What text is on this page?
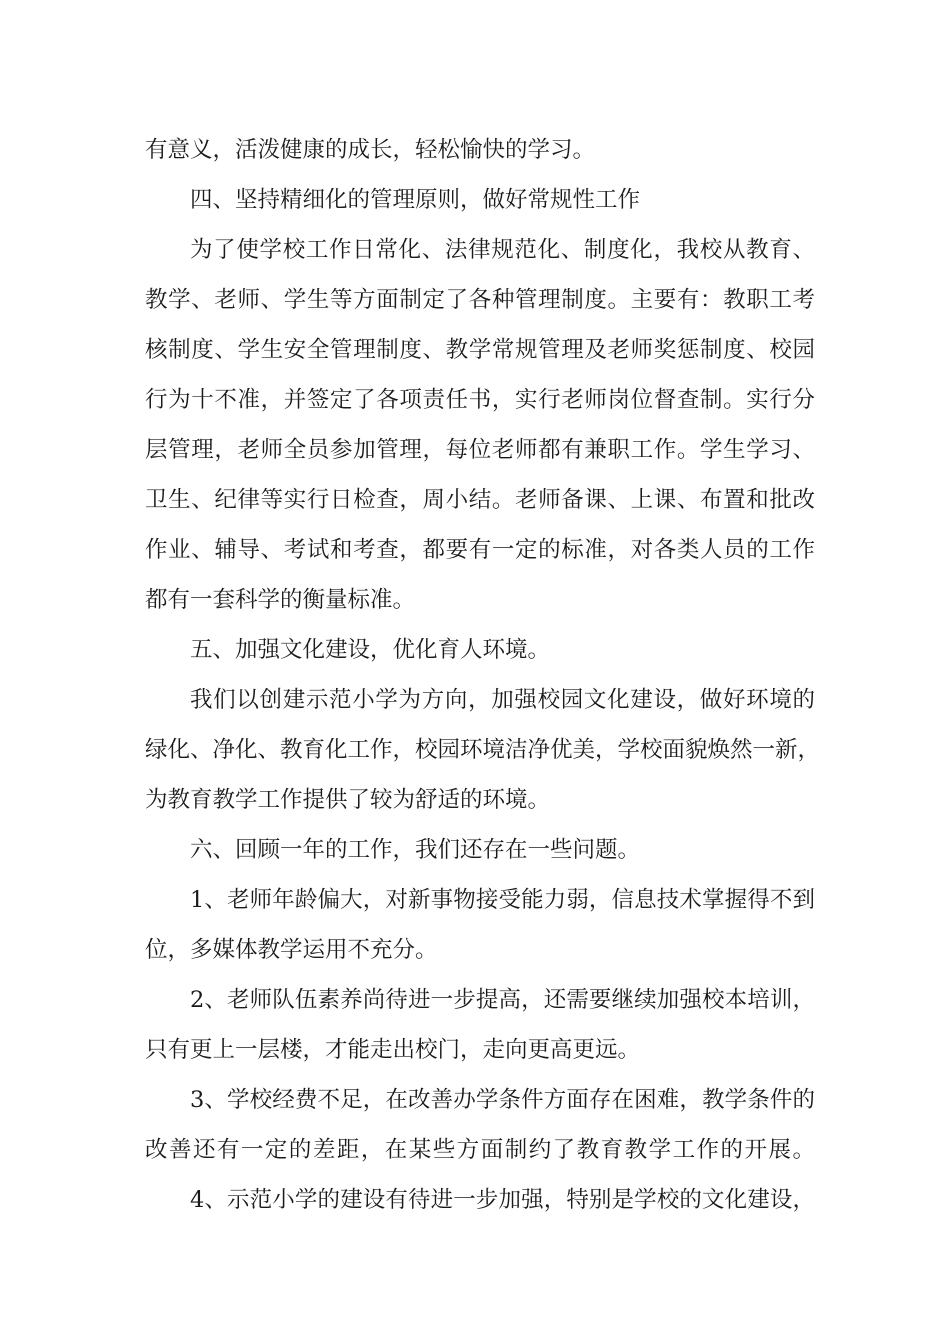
有意义，活泼健康的成长，轻松愉快的学习。
四、坚持精细化的管理原则，做好常规性工作
为了使学校工作日常化、法律规范化、制度化，我校从教育、
教学、老师、学生等方面制定了各种管理制度。主要有：教职工考
核制度、学生安全管理制度、教学常规管理及老师奖惩制度、校园
行为十不准，并签定了各项责任书，实行老师岗位督查制。实行分
层管理，老师全员参加管理，每位老师都有兼职工作。学生学习、
卫生、纪律等实行日检查，周小结。老师备课、上课、布置和批改
作业、辅导、考试和考查，都要有一定的标准，对各类人员的工作
都有一套科学的衡量标准。
五、加强文化建设，优化育人环境。
我们以创建示范小学为方向，加强校园文化建设，做好环境的
绿化、净化、教育化工作，校园环境洁净优美，学校面貌焕然一新，
为教育教学工作提供了较为舒适的环境。
六、回顾一年的工作，我们还存在一些问题。
1、老师年龄偏大，对新事物接受能力弱，信息技术掌握得不到
位，多媒体教学运用不充分。
2、老师队伍素养尚待进一步提高，还需要继续加强校本培训，
只有更上一层楼，才能走出校门，走向更高更远。
3、学校经费不足，在改善办学条件方面存在困难，教学条件的
改善还有一定的差距，在某些方面制约了教育教学工作的开展。
4、示范小学的建设有待进一步加强，特别是学校的文化建设，
